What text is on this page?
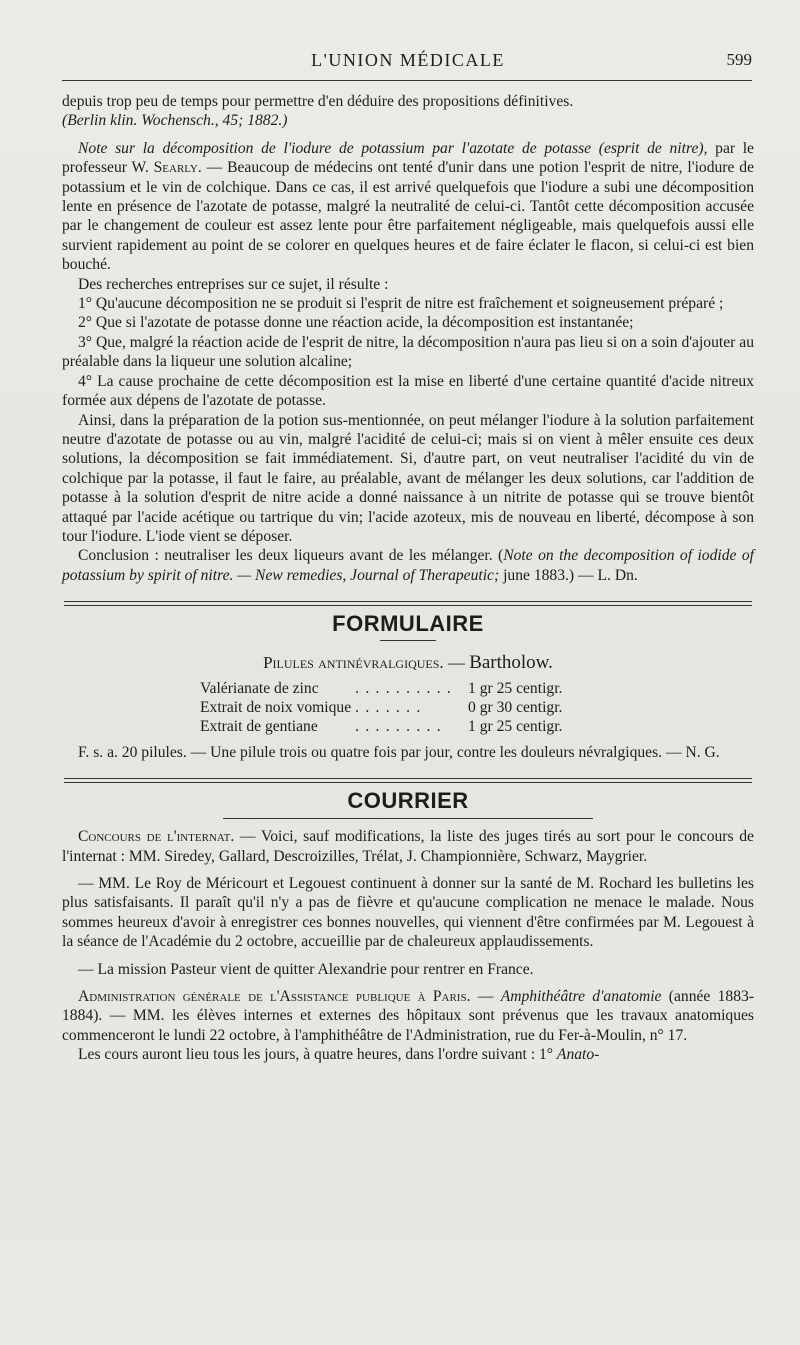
L'UNION MÉDICALE	599

depuis trop peu de temps pour permettre d'en déduire des propositions définitives.
(Berlin klin. Wochensch., 45; 1882.)

Note sur la décomposition de l'iodure de potassium par l'azotate de potasse (esprit de nitre), par le professeur W. Searly. — Beaucoup de médecins ont tenté d'unir dans une potion l'esprit de nitre, l'iodure de potassium et le vin de colchique. Dans ce cas, il est arrivé quelquefois que l'iodure a subi une décomposition lente en présence de l'azotate de potasse, malgré la neutralité de celui-ci. Tantôt cette décomposition accusée par le changement de couleur est assez lente pour être parfaitement négligeable, mais quelquefois aussi elle survient rapidement au point de se colorer en quelques heures et de faire éclater le flacon, si celui-ci est bien bouché.

Des recherches entreprises sur ce sujet, il résulte :

1° Qu'aucune décomposition ne se produit si l'esprit de nitre est fraîchement et soigneusement préparé ;

2° Que si l'azotate de potasse donne une réaction acide, la décomposition est instantanée;

3° Que, malgré la réaction acide de l'esprit de nitre, la décomposition n'aura pas lieu si on a soin d'ajouter au préalable dans la liqueur une solution alcaline;

4° La cause prochaine de cette décomposition est la mise en liberté d'une certaine quantité d'acide nitreux formée aux dépens de l'azotate de potasse.

Ainsi, dans la préparation de la potion sus-mentionnée, on peut mélanger l'iodure à la solution parfaitement neutre d'azotate de potasse ou au vin, malgré l'acidité de celui-ci; mais si on vient à mêler ensuite ces deux solutions, la décomposition se fait immédiatement. Si, d'autre part, on veut neutraliser l'acidité du vin de colchique par la potasse, il faut le faire, au préalable, avant de mélanger les deux solutions, car l'addition de potasse à la solution d'esprit de nitre acide a donné naissance à un nitrite de potasse qui se trouve bientôt attaqué par l'acide acétique ou tartrique du vin; l'acide azoteux, mis de nouveau en liberté, décompose à son tour l'iodure. L'iode vient se déposer.

Conclusion : neutraliser les deux liqueurs avant de les mélanger. (Note on the decomposition of iodide of potassium by spirit of nitre. — New remedies, Journal of Therapeutic; june 1883.) — L. Dn.

FORMULAIRE
Pilules antinévralgiques. — Bartholow.
Valérianate de zinc	. . . . . . . . . .	1 gr 25 centigr.
Extrait de noix vomique	. . . . . . .	0 gr 30 centigr.
Extrait de gentiane	. . . . . . . . .	1 gr 25 centigr.

F. s. a. 20 pilules. — Une pilule trois ou quatre fois par jour, contre les douleurs névralgiques. — N. G.

COURRIER

Concours de l'internat. — Voici, sauf modifications, la liste des juges tirés au sort pour le concours de l'internat : MM. Siredey, Gallard, Descroizilles, Trélat, J. Championnière, Schwarz, Maygrier.

— MM. Le Roy de Méricourt et Legouest continuent à donner sur la santé de M. Rochard les bulletins les plus satisfaisants. Il paraît qu'il n'y a pas de fièvre et qu'aucune complication ne menace le malade. Nous sommes heureux d'avoir à enregistrer ces bonnes nouvelles, qui viennent d'être confirmées par M. Legouest à la séance de l'Académie du 2 octobre, accueillie par de chaleureux applaudissements.

— La mission Pasteur vient de quitter Alexandrie pour rentrer en France.

Administration générale de l'Assistance publique à Paris. — Amphithéâtre d'anatomie (année 1883-1884). — MM. les élèves internes et externes des hôpitaux sont prévenus que les travaux anatomiques commenceront le lundi 22 octobre, à l'amphithéâtre de l'Administration, rue du Fer-à-Moulin, n° 17.

Les cours auront lieu tous les jours, à quatre heures, dans l'ordre suivant : 1° Anato-
